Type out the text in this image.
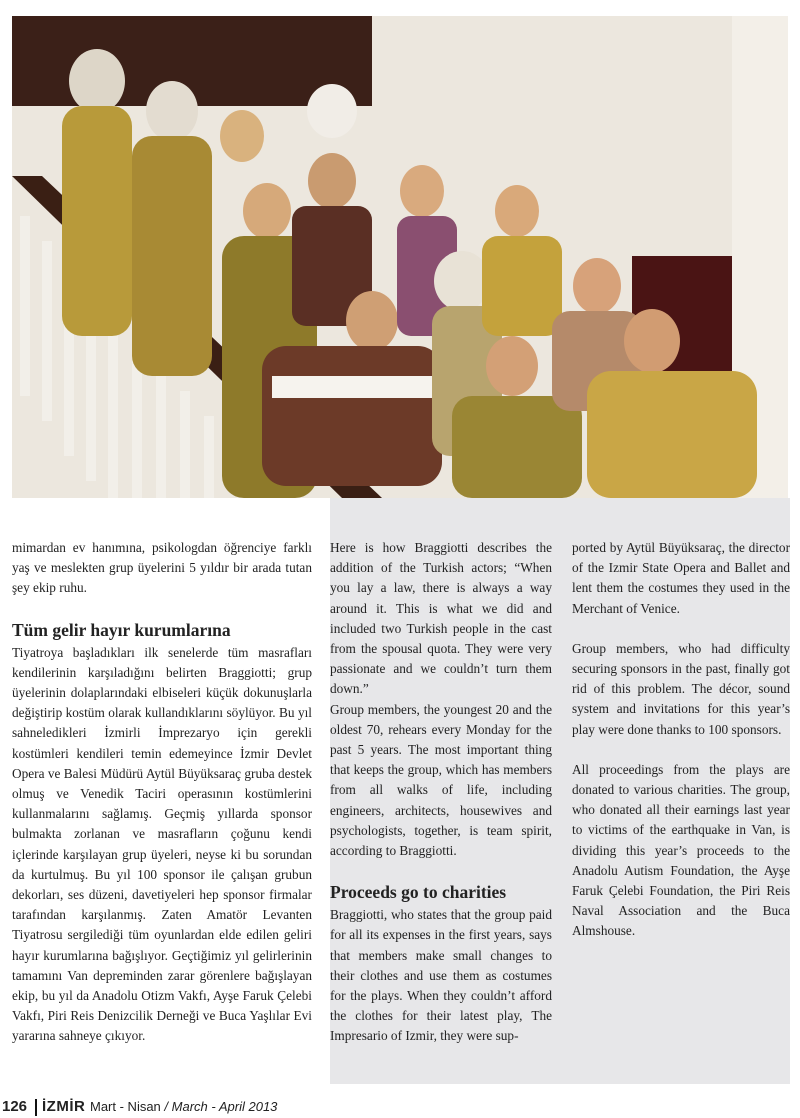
mimardan ev hanımına, psikologdan öğrenciye farklı yaş ve meslekten grup üyelerini 5 yıldır bir arada tutan şey ekip ruhu.

Tüm gelir hayır kurumlarına

Tiyatroya başladıkları ilk senelerde tüm masrafları kendilerinin karşıladığını belirten Braggiotti; grup üyelerinin dolaplarındaki elbiseleri küçük dokunuşlarla değiştirip kostüm olarak kullandıklarını söylüyor. Bu yıl sahneledikleri İzmirli İmprezaryo için gerekli kostümleri kendileri temin edemeyince İzmir Devlet Opera ve Balesi Müdürü Aytül Büyüksaraç gruba destek olmuş ve Venedik Taciri operasının kostümlerini kullanmalarını sağlamış. Geçmiş yıllarda sponsor bulmakta zorlanan ve masrafların çoğunu kendi içlerinde karşılayan grup üyeleri, neyse ki bu sorundan da kurtulmuş. Bu yıl 100 sponsor ile çalışan grubun dekorları, ses düzeni, davetiyeleri hep sponsor firmalar tarafından karşılanmış. Zaten Amatör Levanten Tiyatrosu sergilediği tüm oyunlardan elde edilen geliri hayır kurumlarına bağışlıyor. Geçtiğimiz yıl gelirlerinin tamamını Van depreminden zarar görenlere bağışlayan ekip, bu yıl da Anadolu Otizm Vakfı, Ayşe Faruk Çelebi Vakfı, Piri Reis Denizcilik Derneği ve Buca Yaşlılar Evi yararına sahneye çıkıyor.

Here is how Braggiotti describes the addition of the Turkish actors; “When you lay a law, there is always a way around it. This is what we did and included two Turkish people in the cast from the spousal quota. They were very passionate and we couldn’t turn them down.”

Group members, the youngest 20 and the oldest 70, rehears every Monday for the past 5 years. The most important thing that keeps the group, which has members from all walks of life, including engineers, architects, housewives and psychologists, together, is team spirit, according to Braggiotti.

Proceeds go to charities

Braggiotti, who states that the group paid for all its expenses in the first years, says that members make small changes to their clothes and use them as costumes for the plays. When they couldn’t afford the clothes for their latest play, The Impresario of Izmir, they were sup-

ported by Aytül Büyüksaraç, the director of the Izmir State Opera and Ballet and lent them the costumes they used in the Merchant of Venice.

Group members, who had difficulty securing sponsors in the past, finally got rid of this problem. The décor, sound system and invitations for this year’s play were done thanks to 100 sponsors.

All proceedings from the plays are donated to various charities. The group, who donated all their earnings last year to victims of the earthquake in Van, is dividing this year’s proceeds to the Anadolu Autism Foundation, the Ayşe Faruk Çelebi Foundation, the Piri Reis Naval Association and the Buca Almshouse.

126 İZMİR Mart - Nisan / March - April 2013
